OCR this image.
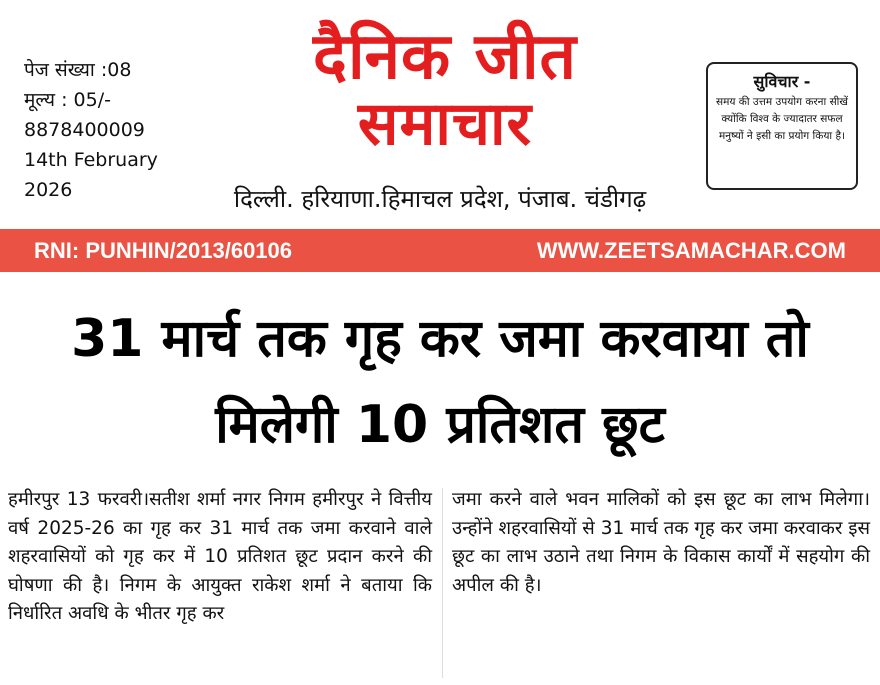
पेज संख्या :08
मूल्य : 05/-
8878400009
14th February
2026
दैनिक जीत
समाचार
दिल्ली. हरियाणा.हिमाचल प्रदेश, पंजाब. चंडीगढ़
सुविचार -
समय की उत्तम उपयोग करना सीखें क्योंकि विश्व के ज्यादातर सफल मनुष्यों ने इसी का प्रयोग किया है।
RNI: PUNHIN/2013/60106	WWW.ZEETSAMACHAR.COM
31 मार्च तक गृह कर जमा करवाया तो
मिलेगी 10 प्रतिशत छूट
हमीरपुर 13 फरवरी।सतीश शर्मा नगर निगम हमीरपुर ने वित्तीय वर्ष 2025-26 का गृह कर 31 मार्च तक जमा करवाने वाले शहरवासियों को गृह कर में 10 प्रतिशत छूट प्रदान करने की घोषणा की है। निगम के आयुक्त राकेश शर्मा ने बताया कि निर्धारित अवधि के भीतर गृह कर
जमा करने वाले भवन मालिकों को इस छूट का लाभ मिलेगा। उन्होंने शहरवासियों से 31 मार्च तक गृह कर जमा करवाकर इस छूट का लाभ उठाने तथा निगम के विकास कार्यों में सहयोग की अपील की है।
